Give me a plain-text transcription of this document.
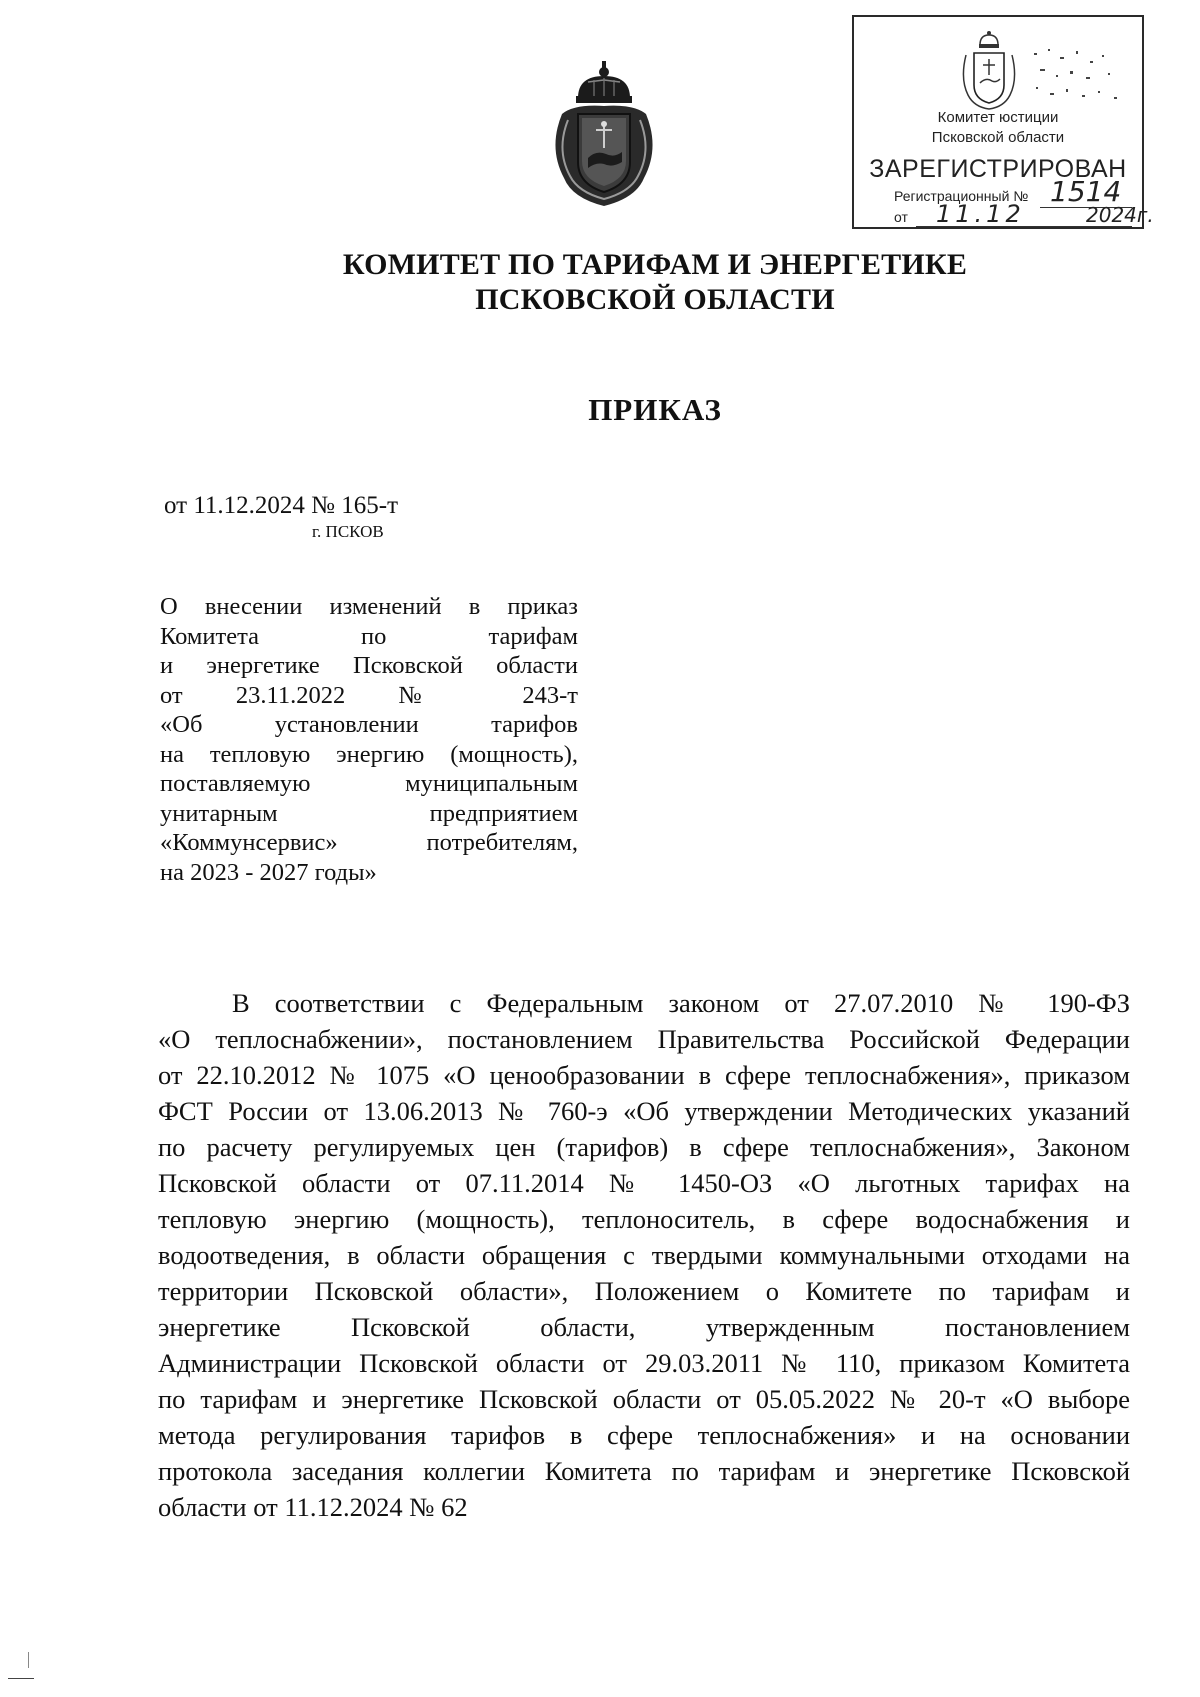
Комитет юстиции
Псковской области
ЗАРЕГИСТРИРОВАН
Регистрационный № 1514
от 11.12	2024г.
КОМИТЕТ ПО ТАРИФАМ И ЭНЕРГЕТИКЕ
ПСКОВСКОЙ ОБЛАСТИ
ПРИКАЗ
от 11.12.2024 № 165-т
г. ПСКОВ
О внесении изменений в приказ
Комитета по тарифам
и энергетике Псковской области
от 23.11.2022 № 243-т
«Об установлении тарифов
на тепловую энергию (мощность),
поставляемую муниципальным
унитарным предприятием
«Коммунсервис» потребителям,
на 2023 - 2027 годы»
В соответствии с Федеральным законом от 27.07.2010 № 190-ФЗ
«О теплоснабжении», постановлением Правительства Российской Федерации
от 22.10.2012 № 1075 «О ценообразовании в сфере теплоснабжения», приказом
ФСТ России от 13.06.2013 № 760-э «Об утверждении Методических указаний
по расчету регулируемых цен (тарифов) в сфере теплоснабжения», Законом
Псковской области от 07.11.2014 № 1450-ОЗ «О льготных тарифах на
тепловую энергию (мощность), теплоноситель, в сфере водоснабжения и
водоотведения, в области обращения с твердыми коммунальными отходами на
территории Псковской области», Положением о Комитете по тарифам и
энергетике Псковской области, утвержденным постановлением
Администрации Псковской области от 29.03.2011 № 110, приказом Комитета
по тарифам и энергетике Псковской области от 05.05.2022 № 20-т «О выборе
метода регулирования тарифов в сфере теплоснабжения» и на основании
протокола заседания коллегии Комитета по тарифам и энергетике Псковской
области от 11.12.2024 № 62
